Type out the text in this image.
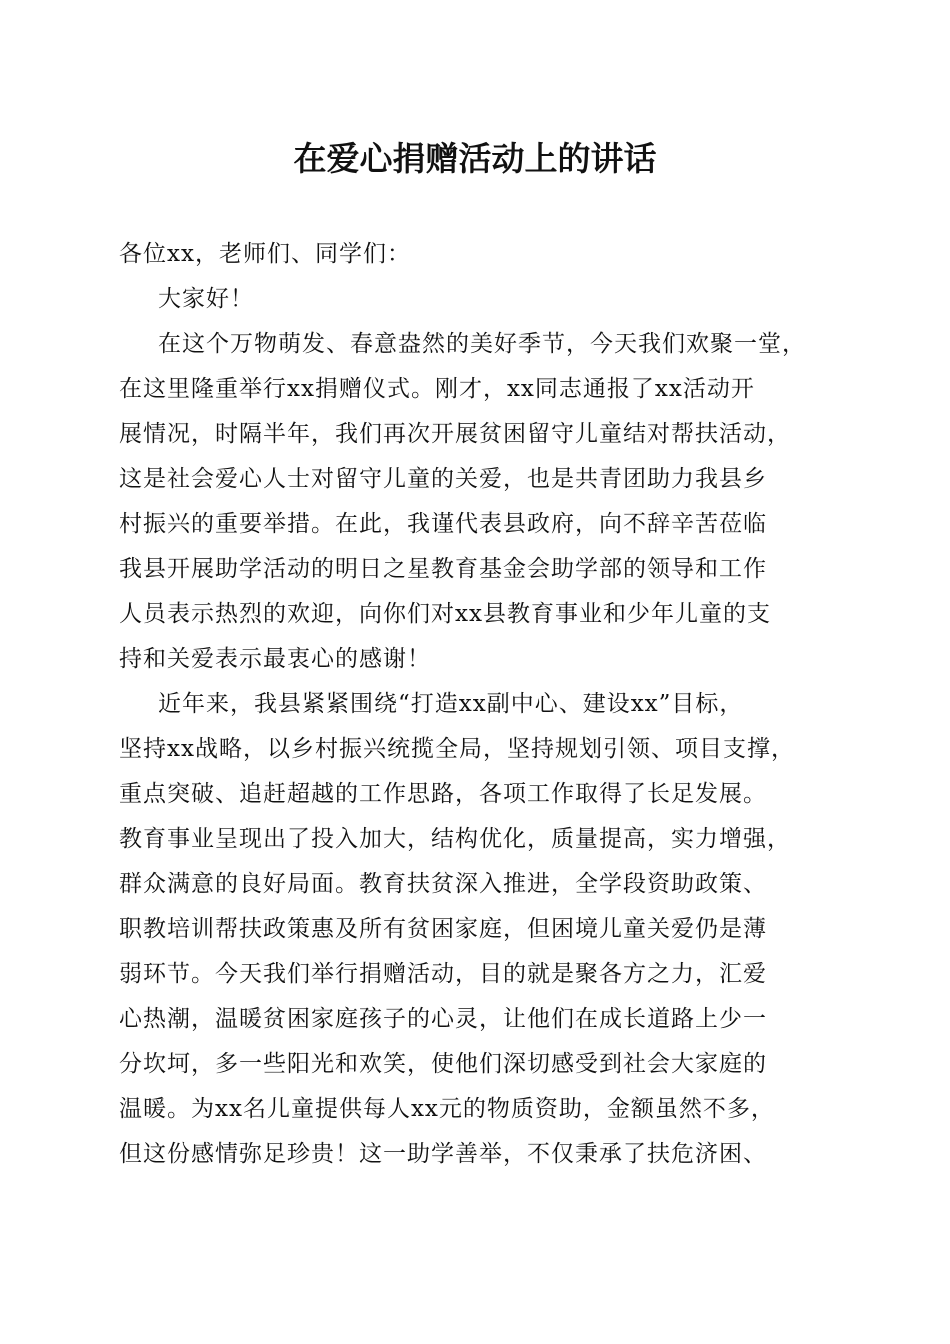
在爱心捐赠活动上的讲话
各位xx，老师们、同学们：
大家好！
在这个万物萌发、春意盎然的美好季节，今天我们欢聚一堂，
在这里隆重举行xx捐赠仪式。刚才，xx同志通报了xx活动开
展情况，时隔半年，我们再次开展贫困留守儿童结对帮扶活动，
这是社会爱心人士对留守儿童的关爱，也是共青团助力我县乡
村振兴的重要举措。在此，我谨代表县政府，向不辞辛苦莅临
我县开展助学活动的明日之星教育基金会助学部的领导和工作
人员表示热烈的欢迎，向你们对xx县教育事业和少年儿童的支
持和关爱表示最衷心的感谢！
近年来，我县紧紧围绕“打造xx副中心、建设xx”目标，
坚持xx战略，以乡村振兴统揽全局，坚持规划引领、项目支撑，
重点突破、追赶超越的工作思路，各项工作取得了长足发展。
教育事业呈现出了投入加大，结构优化，质量提高，实力增强，
群众满意的良好局面。教育扶贫深入推进，全学段资助政策、
职教培训帮扶政策惠及所有贫困家庭，但困境儿童关爱仍是薄
弱环节。今天我们举行捐赠活动，目的就是聚各方之力，汇爱
心热潮，温暖贫困家庭孩子的心灵，让他们在成长道路上少一
分坎坷，多一些阳光和欢笑，使他们深切感受到社会大家庭的
温暖。为xx名儿童提供每人xx元的物质资助，金额虽然不多，
但这份感情弥足珍贵！这一助学善举，不仅秉承了扶危济困、
